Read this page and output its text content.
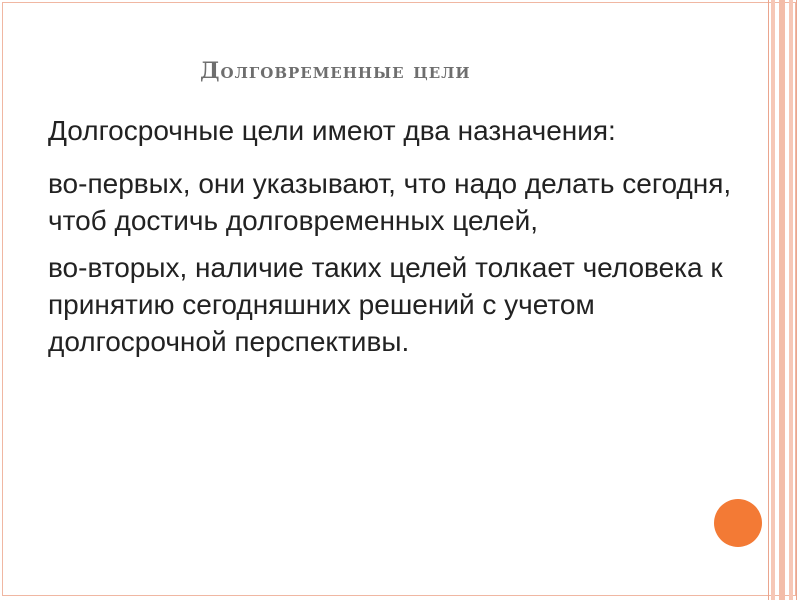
Долговременные цели

Долгосрочные цели имеют два назначения:

во-первых, они указывают, что надо делать сегодня, чтоб достичь долговременных целей,

во-вторых, наличие таких целей толкает человека к принятию сегодняшних решений с учетом долгосрочной перспективы.
